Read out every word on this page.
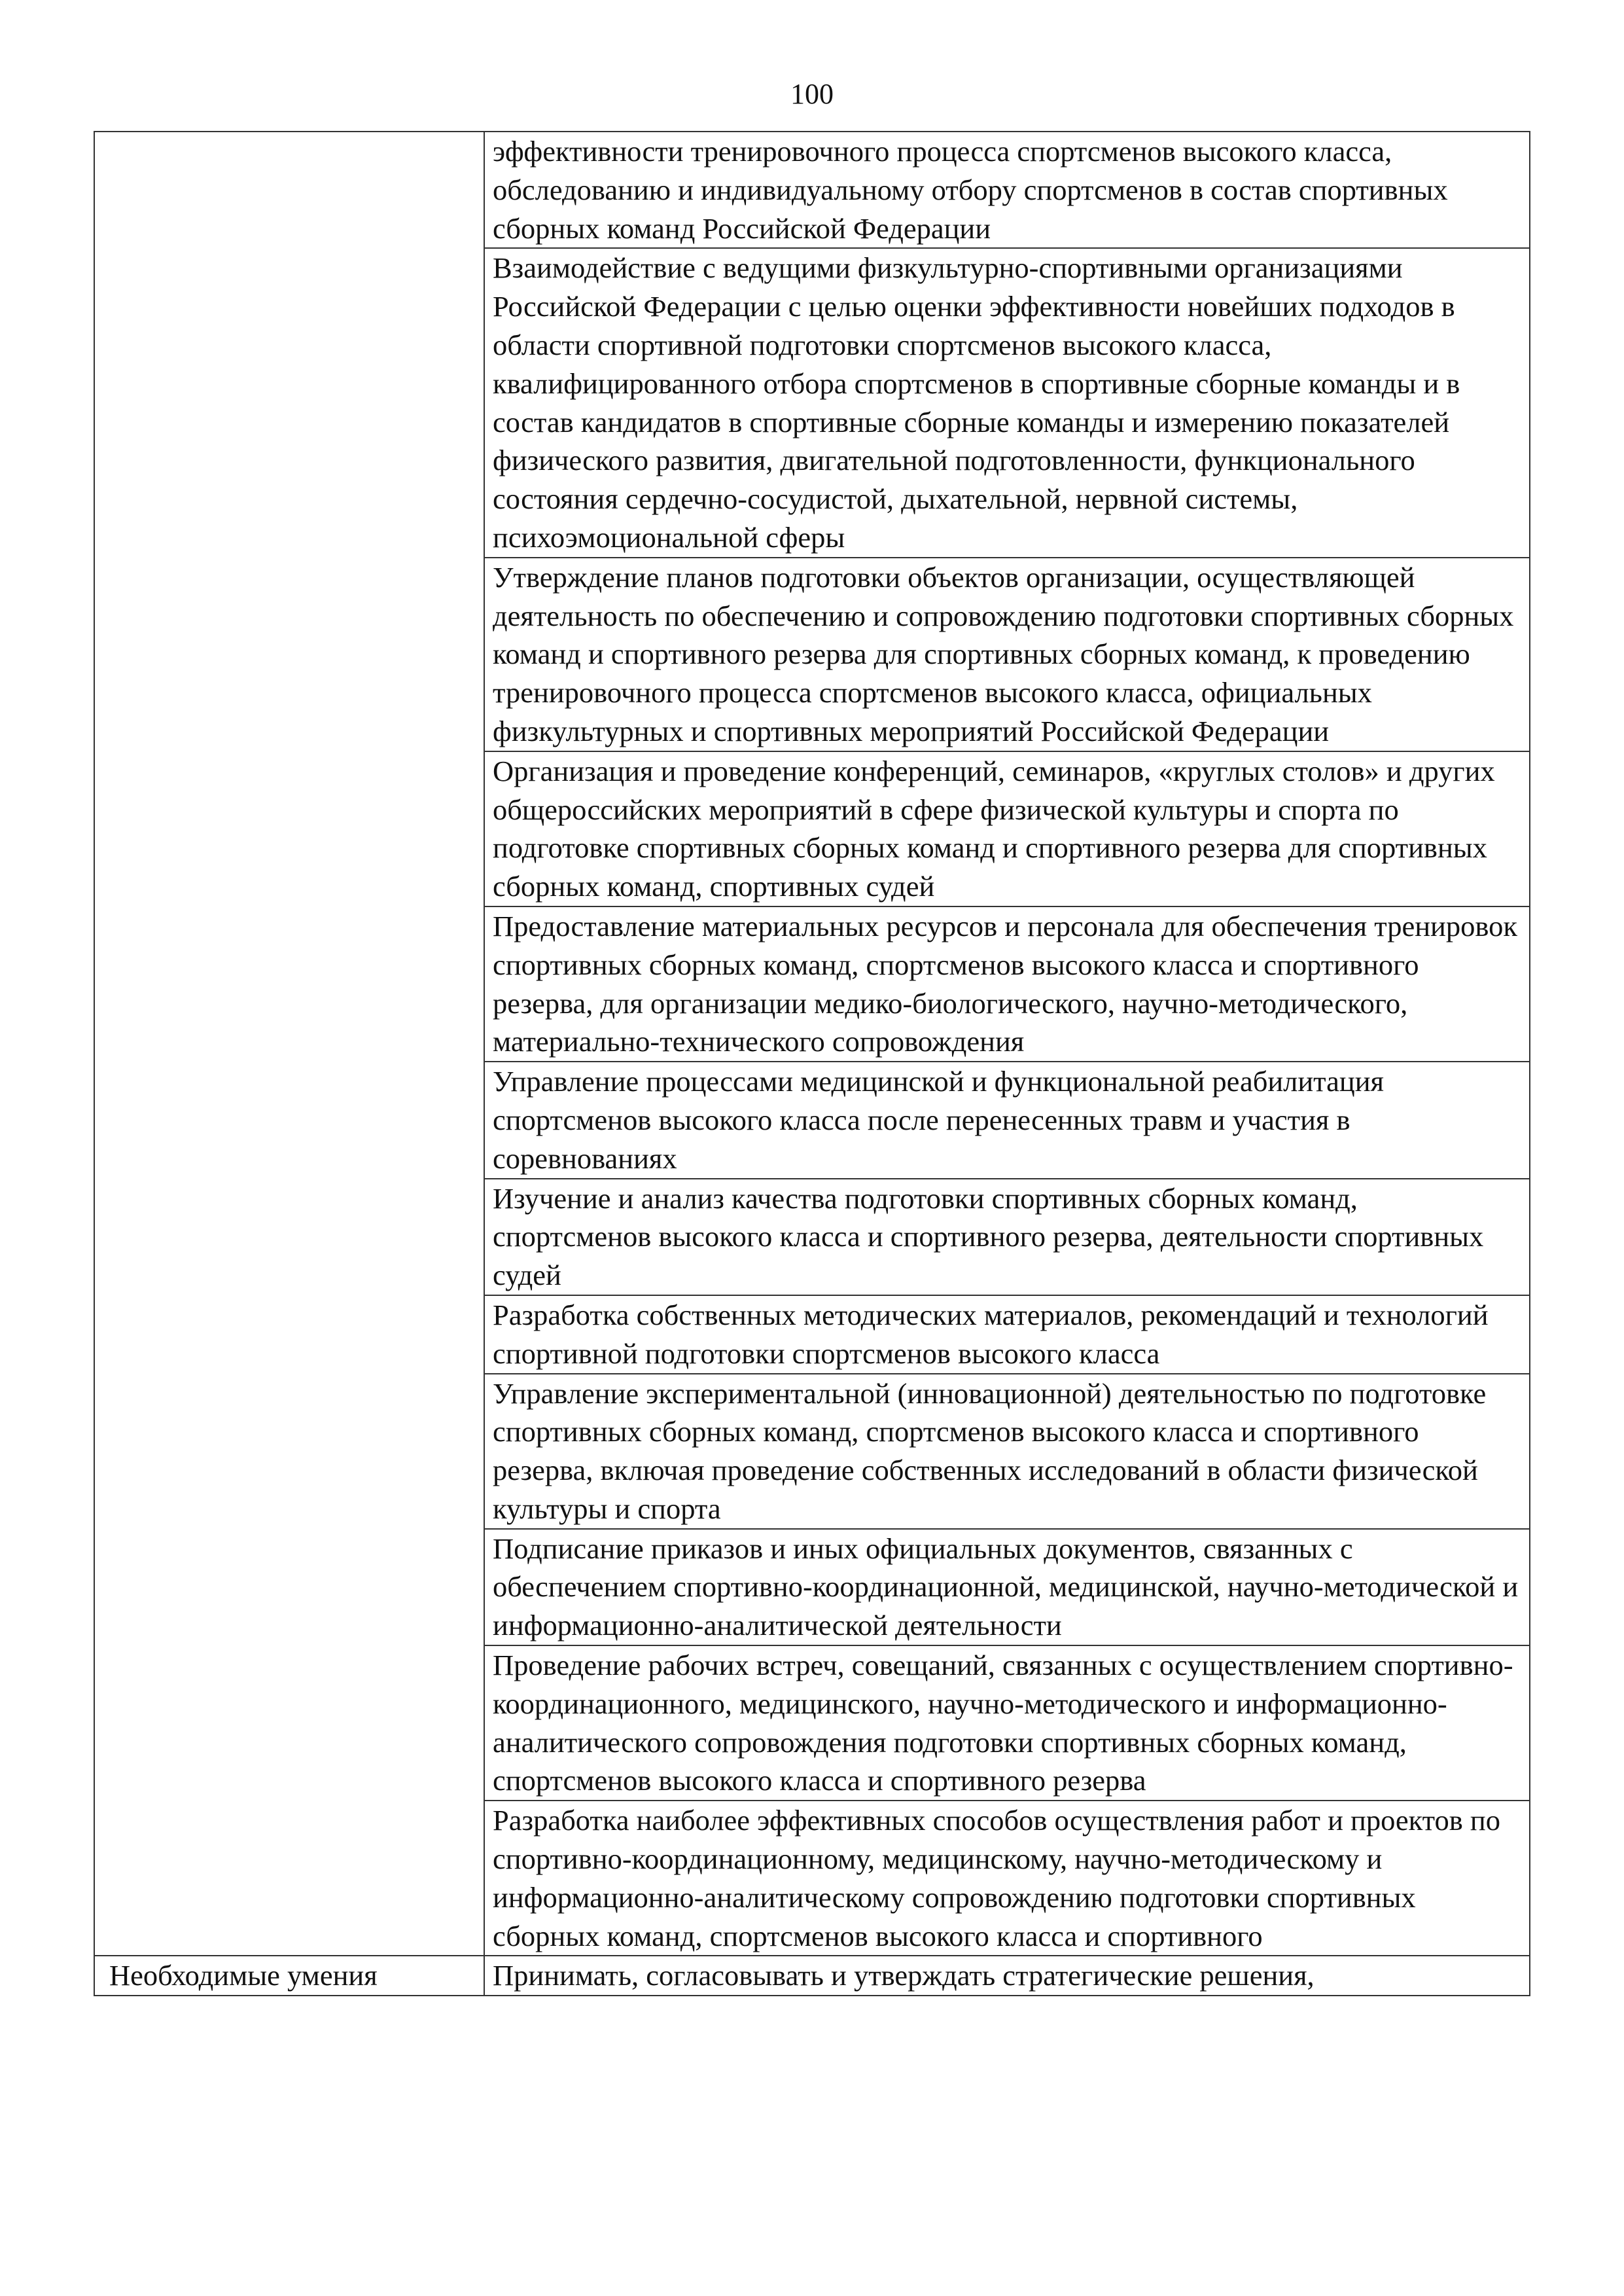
100
	эффективности тренировочного процесса спортсменов высокого класса, обследованию и индивидуальному отбору спортсменов в состав спортивных сборных команд Российской Федерации
	Взаимодействие с ведущими физкультурно-спортивными организациями Российской Федерации с целью оценки эффективности новейших подходов в области спортивной подготовки спортсменов высокого класса, квалифицированного отбора спортсменов в спортивные сборные команды и в состав кандидатов в спортивные сборные команды и измерению показателей физического развития, двигательной подготовленности, функционального состояния сердечно-сосудистой, дыхательной, нервной системы, психоэмоциональной сферы
	Утверждение планов подготовки объектов организации, осуществляющей деятельность по обеспечению и сопровождению подготовки спортивных сборных команд и спортивного резерва для спортивных сборных команд, к проведению тренировочного процесса спортсменов высокого класса, официальных физкультурных и спортивных мероприятий Российской Федерации
	Организация и проведение конференций, семинаров, «круглых столов» и других общероссийских мероприятий в сфере физической культуры и спорта по подготовке спортивных сборных команд и спортивного резерва для спортивных сборных команд, спортивных судей
	Предоставление материальных ресурсов и персонала для обеспечения тренировок спортивных сборных команд, спортсменов высокого класса и спортивного резерва, для организации медико-биологического, научно-методического, материально-технического сопровождения
	Управление процессами медицинской и функциональной реабилитация спортсменов высокого класса после перенесенных травм и участия в соревнованиях
	Изучение и анализ качества подготовки спортивных сборных команд, спортсменов высокого класса и спортивного резерва, деятельности спортивных судей
	Разработка собственных методических материалов, рекомендаций и технологий спортивной подготовки спортсменов высокого класса
	Управление экспериментальной (инновационной) деятельностью по подготовке спортивных сборных команд, спортсменов высокого класса и спортивного резерва, включая проведение собственных исследований в области физической культуры и спорта
	Подписание приказов и иных официальных документов, связанных с обеспечением спортивно-координационной, медицинской, научно-методической и информационно-аналитической деятельности
	Проведение рабочих встреч, совещаний, связанных с осуществлением спортивно-координационного, медицинского, научно-методического и информационно-аналитического сопровождения подготовки спортивных сборных команд, спортсменов высокого класса и спортивного резерва
	Разработка наиболее эффективных способов осуществления работ и проектов по спортивно-координационному, медицинскому, научно-методическому и информационно-аналитическому сопровождению подготовки спортивных сборных команд, спортсменов высокого класса и спортивного
Необходимые умения	Принимать, согласовывать и утверждать стратегические решения,
